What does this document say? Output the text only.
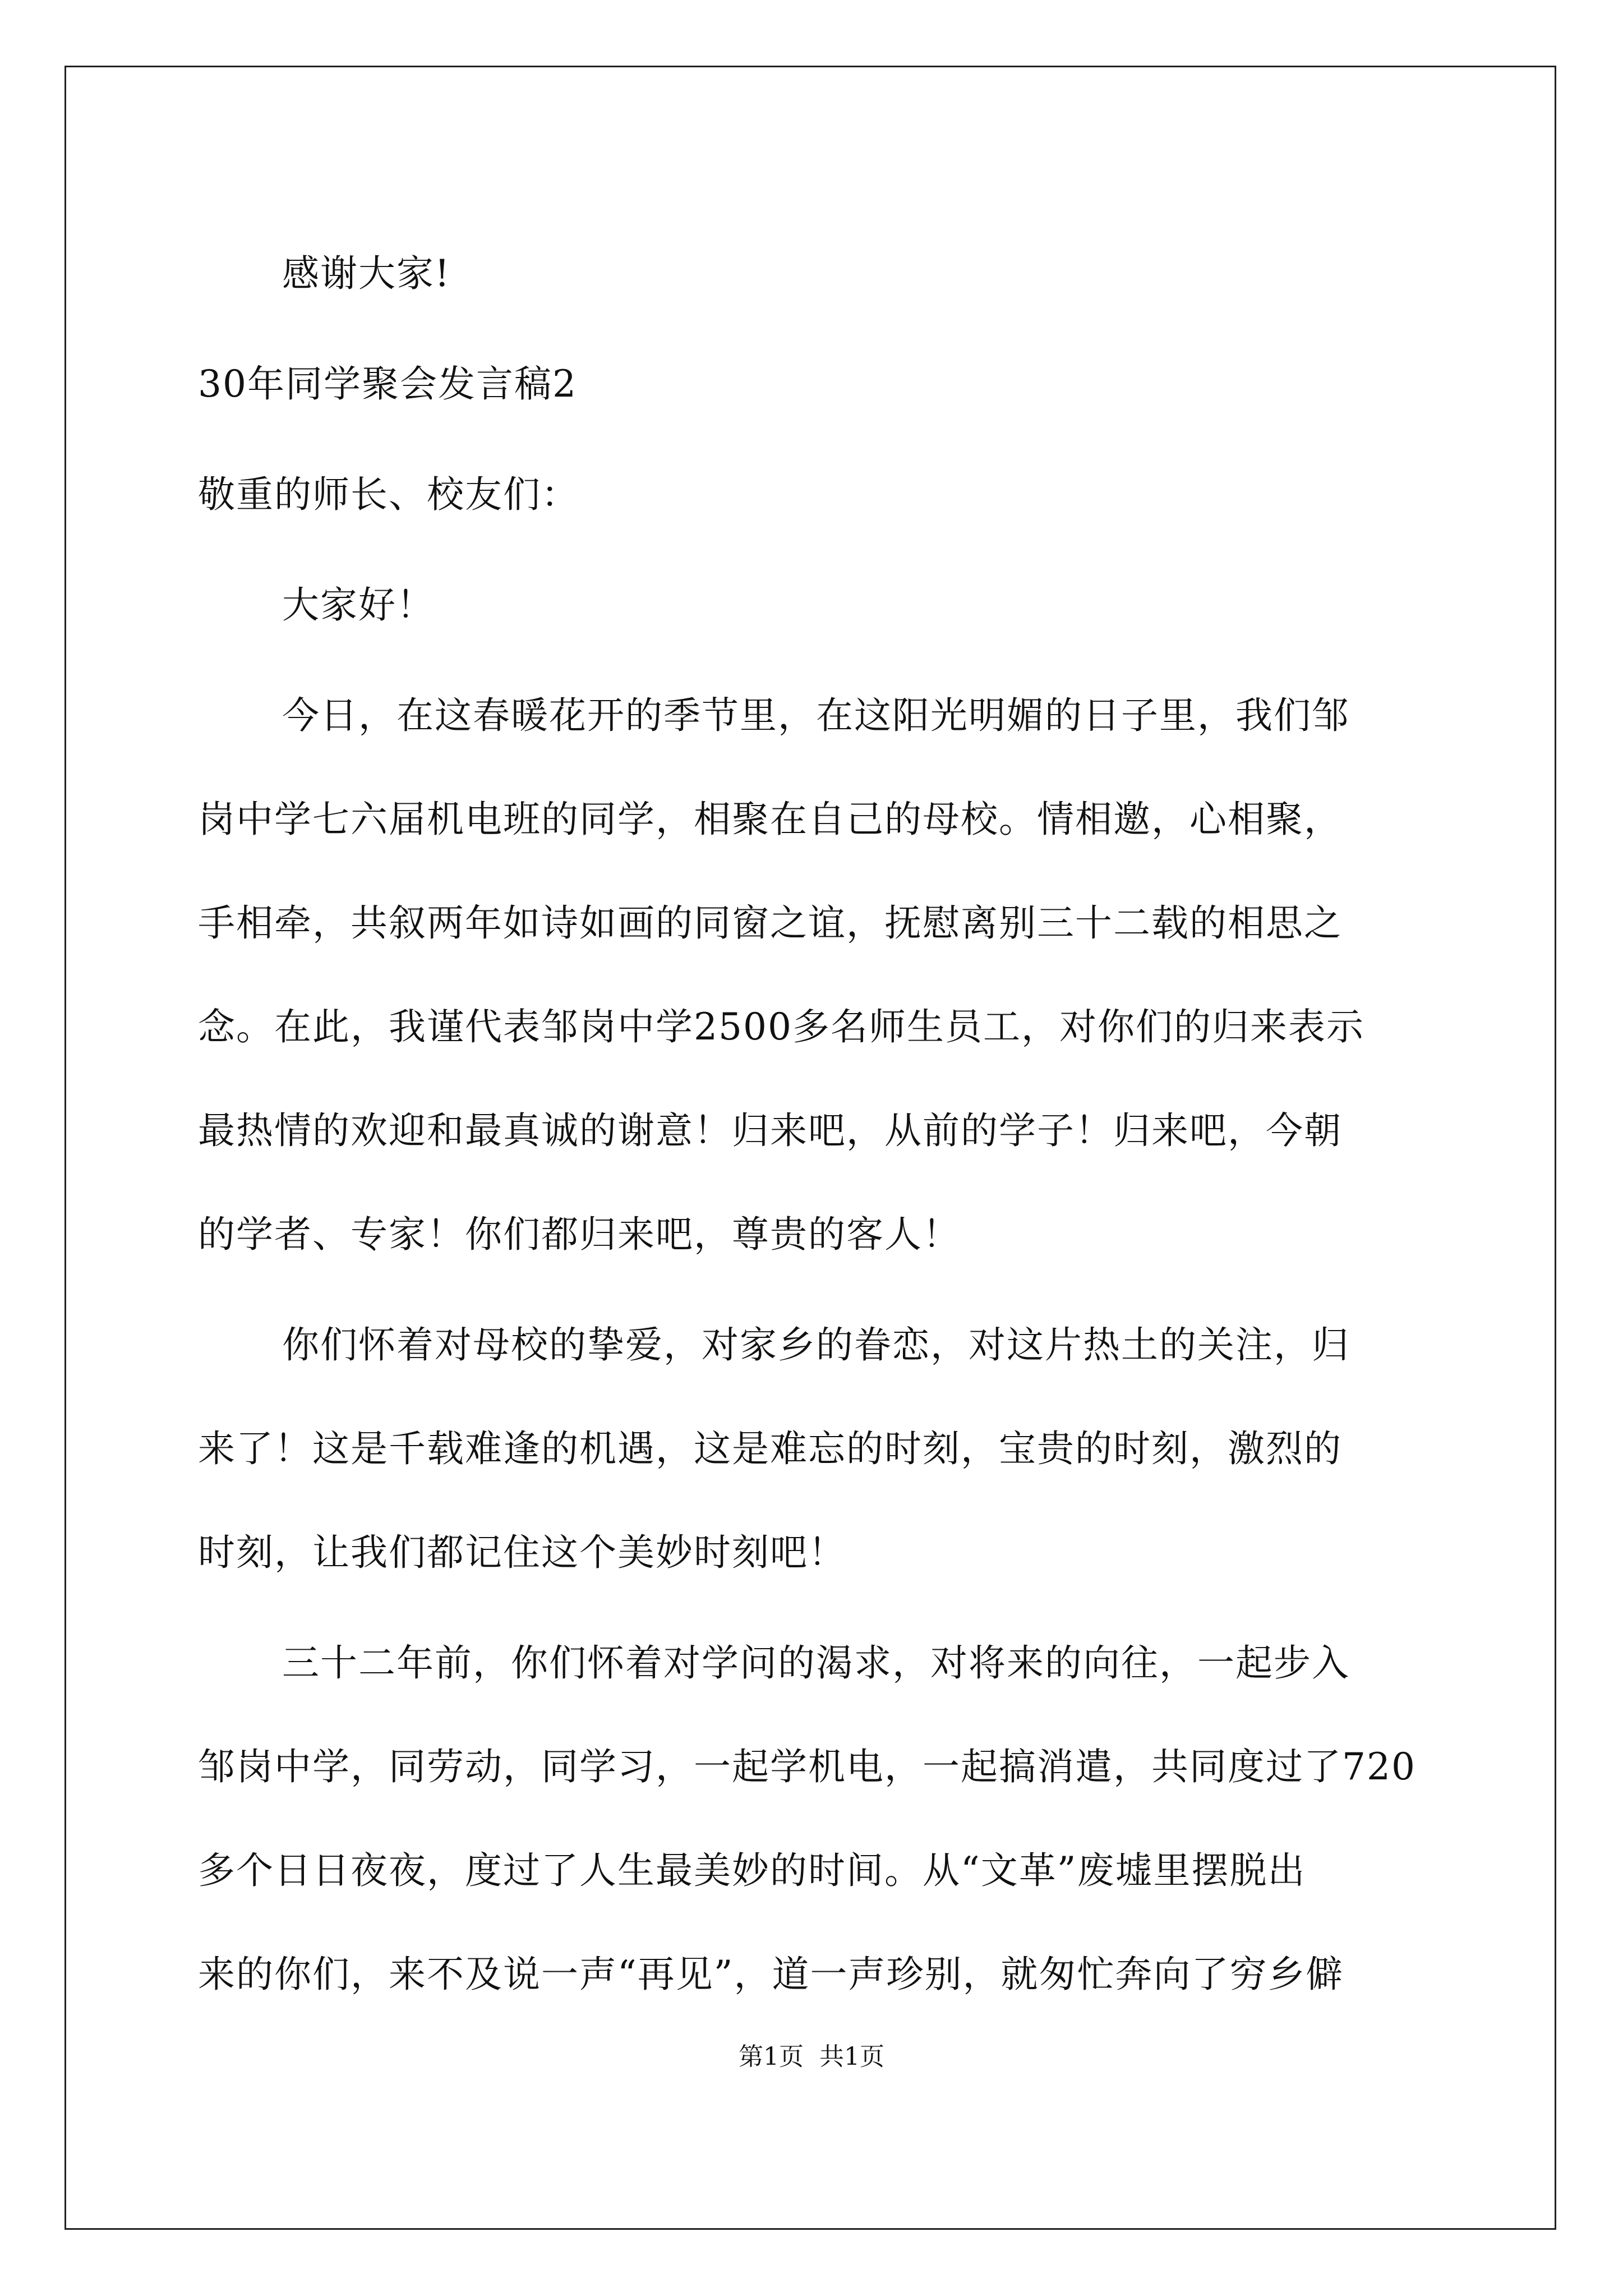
感谢大家!
30年同学聚会发言稿2
敬重的师长、校友们：
大家好！
今日，在这春暖花开的季节里，在这阳光明媚的日子里，我们邹
岗中学七六届机电班的同学，相聚在自己的母校。情相邀，心相聚，
手相牵，共叙两年如诗如画的同窗之谊，抚慰离别三十二载的相思之
念。在此，我谨代表邹岗中学2500多名师生员工，对你们的归来表示
最热情的欢迎和最真诚的谢意！归来吧，从前的学子！归来吧，今朝
的学者、专家！你们都归来吧，尊贵的客人！
你们怀着对母校的挚爱，对家乡的眷恋，对这片热土的关注，归
来了！这是千载难逢的机遇，这是难忘的时刻，宝贵的时刻，激烈的
时刻，让我们都记住这个美妙时刻吧！
三十二年前，你们怀着对学问的渴求，对将来的向往，一起步入
邹岗中学，同劳动，同学习，一起学机电，一起搞消遣，共同度过了720
多个日日夜夜，度过了人生最美妙的时间。从“文革”废墟里摆脱出
来的你们，来不及说一声“再见”，道一声珍别，就匆忙奔向了穷乡僻
第1页 共1页
